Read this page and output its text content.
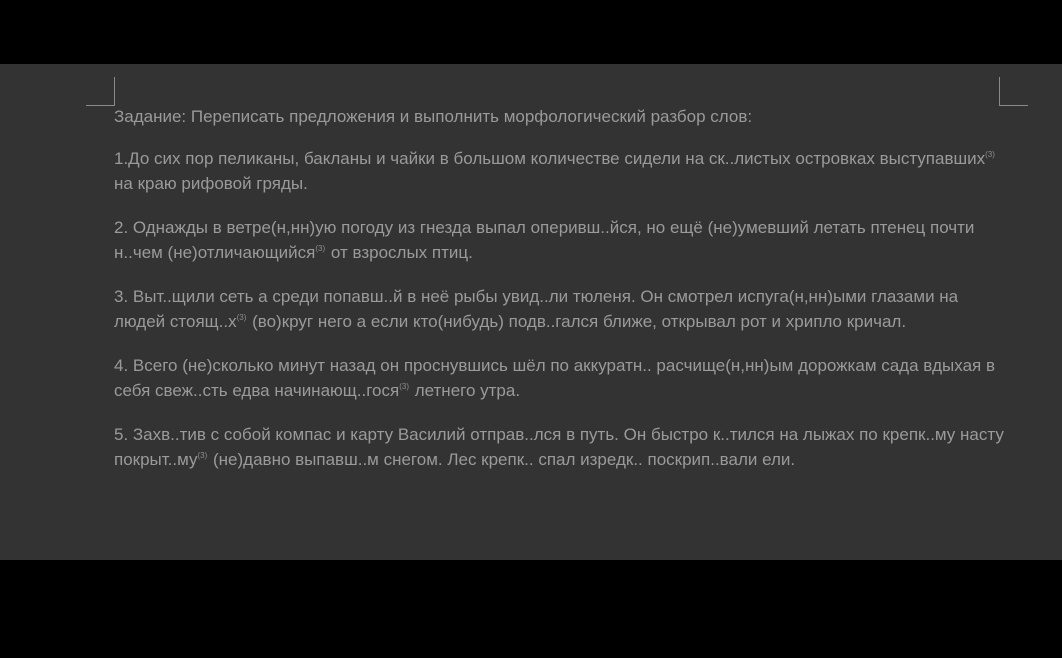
Задание: Переписать предложения и выполнить морфологический разбор слов:

1.До сих пор пеликаны, бакланы и чайки в большом количестве сидели на ск..листых островках выступавших$^{(3)}$ на краю рифовой гряды.

2. Однажды в ветре(н,нн)ую погоду из гнезда выпал оперивш..йся, но ещё (не)умевший летать птенец почти н..чем (не)отличающийся$^{(3)}$ от взрослых птиц.

3. Выт..щили сеть а среди попавш..й в неё рыбы увид..ли тюленя. Он смотрел испуга(н,нн)ыми глазами на людей стоящ..х$^{(3)}$ (во)круг него а если кто(нибудь) подв..гался ближе, открывал рот и хрипло кричал.

4. Всего (не)сколько минут назад он проснувшись шёл по аккуратн.. расчище(н,нн)ым дорожкам сада вдыхая в себя свеж..сть едва начинающ..гося$^{(3)}$ летнего утра.

5. Захв..тив с собой компас и карту Василий отправ..лся в путь. Он быстро к..тился на лыжах по крепк..му насту покрыт..му$^{(3)}$ (не)давно выпавш..м снегом. Лес крепк.. спал изредк.. поскрип..вали ели.
